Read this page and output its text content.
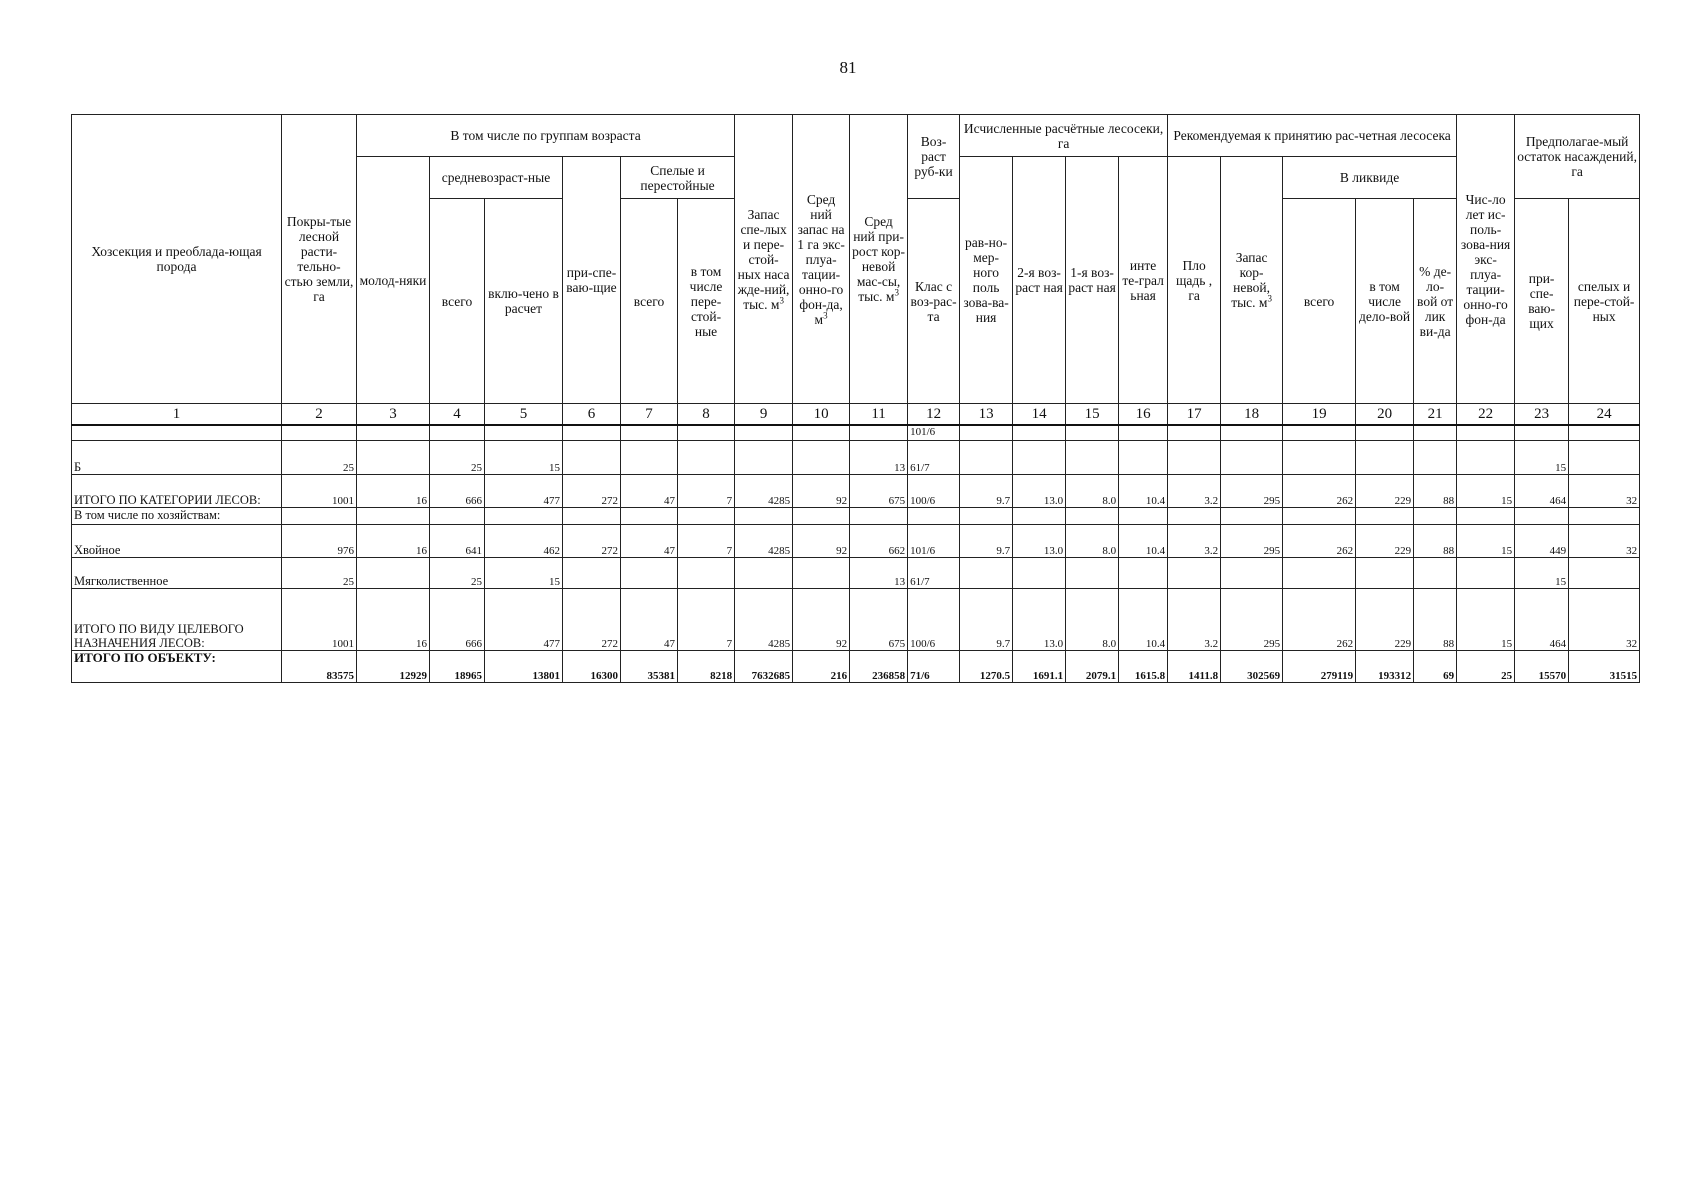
81
Хозсекция и преоблада-ющая порода	Покры-тые лесной расти-тельно-стью земли, га	В том числе по группам возраста						Запас спе-лых и пере-стой-ных наса жде-ний, тыс. $м^3$	Сред ний запас на 1 га экс-плуа-тации-онно-го фон-да, $м^3$	Сред ний при-рост кор-невой мас-сы, тыс. $м^3$	Воз-раст руб-ки	Исчисленные расчётные лесосеки, га				Рекомендуемая к принятию рас-четная лесосека					Чис-ло лет ис-поль-зова-ния экс-плуа-тации-онно-го фон-да	Предполагае-мый остаток насаждений, га	
		молод-няки	средневозраст-ные		при-спе-ваю-щие	Спелые и перестойные						рав-но-мер-ного поль зова-ва-ния	2-я воз-раст ная	1-я воз-раст ная	инте те-грал ьная	Пло щадь , га	Запас кор-невой, тыс. $м^3$	В ликвиде					
			всего	вклю-чено в расчет		всего	в том числе пере-стой-ные				Клас с воз-рас-та							всего	в том числе дело-вой	% де-ло-вой от лик ви-да		при-спе-ваю-щих	спелых и пере-стой-ных
1	2	3	4	5	6	7	8	9	10	11	12	13	14	15	16	17	18	19	20	21	22	23	24
											101/6												
Б	25		25	15						13	61/7											15	
ИТОГО ПО КАТЕГОРИИ ЛЕСОВ:	1001	16	666	477	272	47	7	4285	92	675	100/6	9.7	13.0	8.0	10.4	3.2	295	262	229	88	15	464	32
В том числе по хозяйствам:																							
Хвойное	976	16	641	462	272	47	7	4285	92	662	101/6	9.7	13.0	8.0	10.4	3.2	295	262	229	88	15	449	32
Мягколиственное	25		25	15						13	61/7											15	
ИТОГО ПО ВИДУ ЦЕЛЕВОГО НАЗНАЧЕНИЯ ЛЕСОВ:	1001	16	666	477	272	47	7	4285	92	675	100/6	9.7	13.0	8.0	10.4	3.2	295	262	229	88	15	464	32
ИТОГО ПО ОБЪЕКТУ:	83575	12929	18965	13801	16300	35381	8218	7632685	216	236858	71/6	1270.5	1691.1	2079.1	1615.8	1411.8	302569	279119	193312	69	25	15570	31515
